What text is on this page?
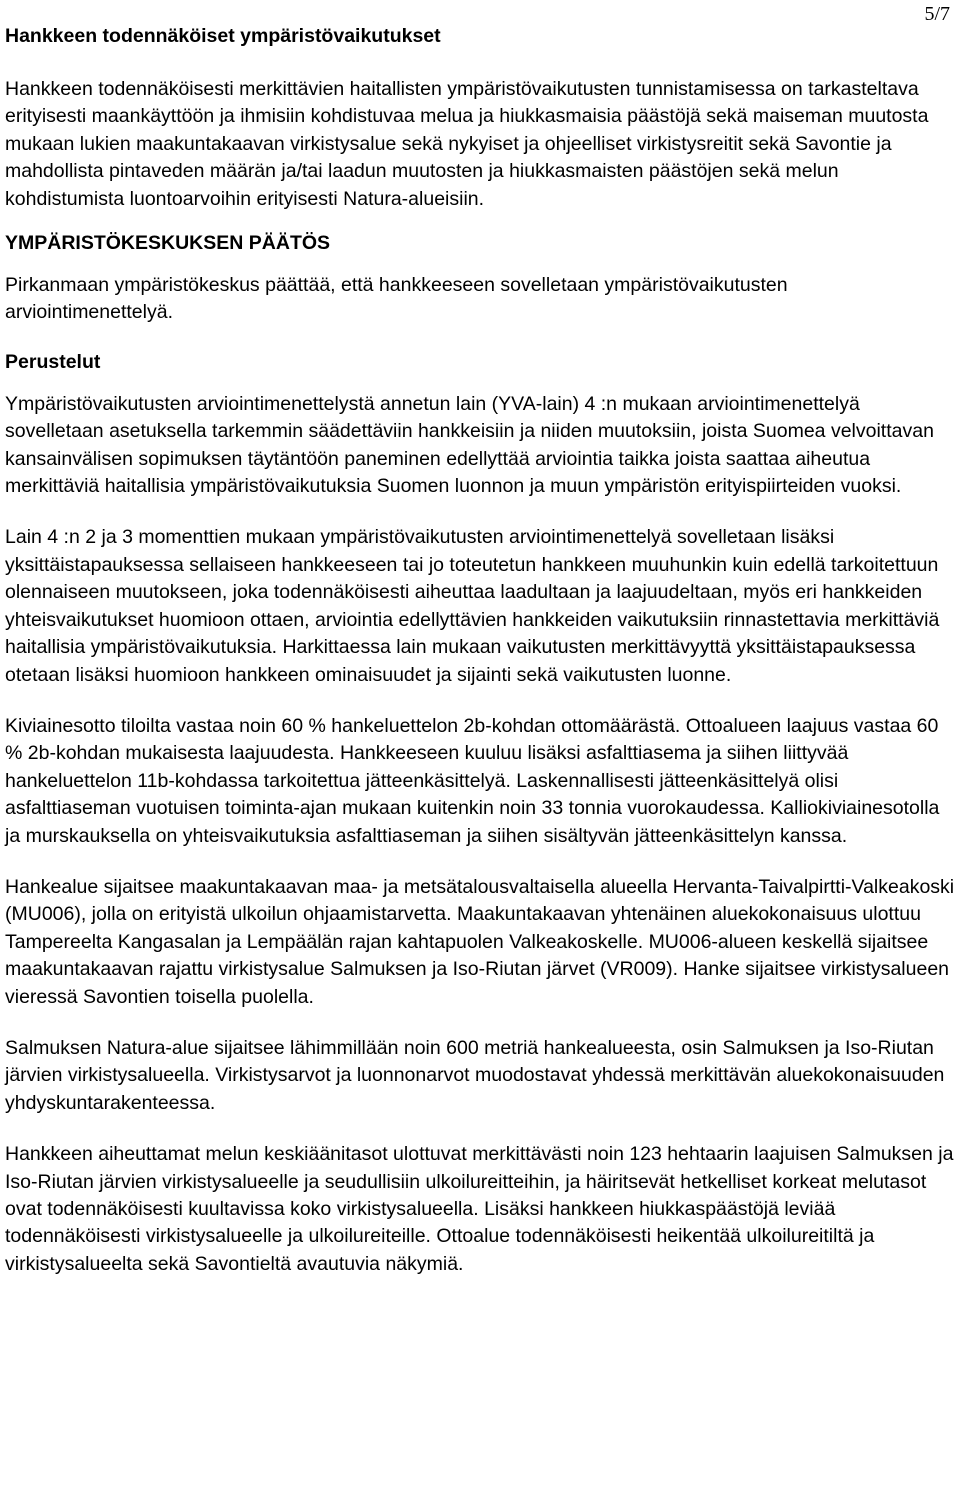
5/7
Hankkeen todennäköiset ympäristövaikutukset

Hankkeen todennäköisesti merkittävien haitallisten ympäristövaikutusten tunnistamisessa on tarkasteltava erityisesti maankäyttöön ja ihmisiin kohdistuvaa melua ja hiukkasmaisia päästöjä sekä maiseman muutosta mukaan lukien maakuntakaavan virkistysalue sekä nykyiset ja ohjeelliset virkistysreitit sekä Savontie ja mahdollista pintaveden määrän ja/tai laadun muutosten ja hiukkasmaisten päästöjen sekä melun kohdistumista luontoarvoihin erityisesti Natura-alueisiin.

YMPÄRISTÖKESKUKSEN PÄÄTÖS

Pirkanmaan ympäristökeskus päättää, että hankkeeseen sovelletaan ympäristövaikutusten arviointimenettelyä.

Perustelut

Ympäristövaikutusten arviointimenettelystä annetun lain (YVA-lain) 4 :n mukaan arviointimenettelyä sovelletaan asetuksella tarkemmin säädettäviin hankkeisiin ja niiden muutoksiin, joista Suomea velvoittavan kansainvälisen sopimuksen täytäntöön paneminen edellyttää arviointia taikka joista saattaa aiheutua merkittäviä haitallisia ympäristövaikutuksia Suomen luonnon ja muun ympäristön erityispiirteiden vuoksi.

Lain 4 :n 2 ja 3 momenttien mukaan ympäristövaikutusten arviointimenettelyä sovelletaan lisäksi yksittäistapauksessa sellaiseen hankkeeseen tai jo toteutetun hankkeen muuhunkin kuin edellä tarkoitettuun olennaiseen muutokseen, joka todennäköisesti aiheuttaa laadultaan ja laajuudeltaan, myös eri hankkeiden yhteisvaikutukset huomioon ottaen, arviointia edellyttävien hankkeiden vaikutuksiin rinnastettavia merkittäviä haitallisia ympäristövaikutuksia. Harkittaessa lain mukaan vaikutusten merkittävyyttä yksittäistapauksessa otetaan lisäksi huomioon hankkeen ominaisuudet ja sijainti sekä vaikutusten luonne.

Kiviainesotto tiloilta vastaa noin 60 % hankeluettelon 2b-kohdan ottomäärästä. Ottoalueen laajuus vastaa 60 % 2b-kohdan mukaisesta laajuudesta. Hankkeeseen kuuluu lisäksi asfalttiasema ja siihen liittyvää hankeluettelon 11b-kohdassa tarkoitettua jätteenkäsittelyä. Laskennallisesti jätteenkäsittelyä olisi asfalttiaseman vuotuisen toiminta-ajan mukaan kuitenkin noin 33 tonnia vuorokaudessa. Kalliokiviainesotolla ja murskauksella on yhteisvaikutuksia asfalttiaseman ja siihen sisältyvän jätteenkäsittelyn kanssa.

Hankealue sijaitsee maakuntakaavan maa- ja metsätalousvaltaisella alueella Hervanta-Taivalpirtti-Valkeakoski (MU006), jolla on erityistä ulkoilun ohjaamistarvetta. Maakuntakaavan yhtenäinen aluekokonaisuus ulottuu Tampereelta Kangasalan ja Lempäälän rajan kahtapuolen Valkeakoskelle. MU006-alueen keskellä sijaitsee maakuntakaavan rajattu virkistysalue Salmuksen ja Iso-Riutan järvet (VR009). Hanke sijaitsee virkistysalueen vieressä Savontien toisella puolella.

Salmuksen Natura-alue sijaitsee lähimmillään noin 600 metriä hankealueesta, osin Salmuksen ja Iso-Riutan järvien virkistysalueella. Virkistysarvot ja luonnonarvot muodostavat yhdessä merkittävän aluekokonaisuuden yhdyskuntarakenteessa.

Hankkeen aiheuttamat melun keskiäänitasot ulottuvat merkittävästi noin 123 hehtaarin laajuisen Salmuksen ja Iso-Riutan järvien virkistysalueelle ja seudullisiin ulkoilureitteihin, ja häiritsevät hetkelliset korkeat melutasot ovat todennäköisesti kuultavissa koko virkistysalueella. Lisäksi hankkeen hiukkaspäästöjä leviää todennäköisesti virkistysalueelle ja ulkoilureiteille. Ottoalue todennäköisesti heikentää ulkoilureitiltä ja virkistysalueelta sekä Savontieltä avautuvia näkymiä.
